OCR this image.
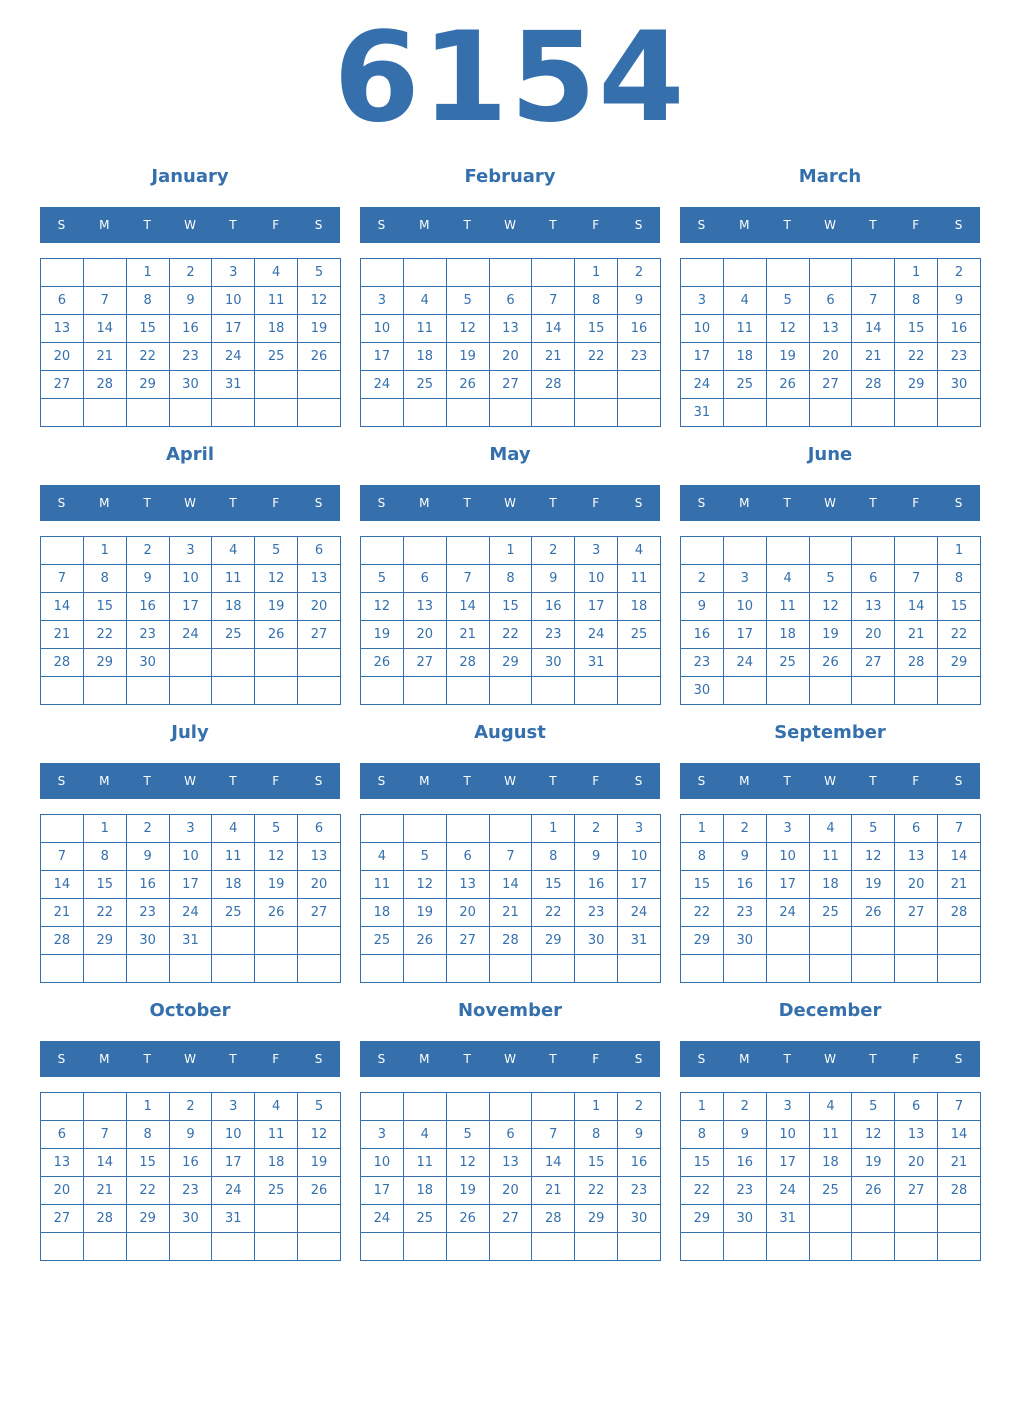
6154
January
S	M	T	W	T	F	S
		1	2	3	4	5
6	7	8	9	10	11	12
13	14	15	16	17	18	19
20	21	22	23	24	25	26
27	28	29	30	31		

February
S	M	T	W	T	F	S
					1	2
3	4	5	6	7	8	9
10	11	12	13	14	15	16
17	18	19	20	21	22	23
24	25	26	27	28		

March
S	M	T	W	T	F	S
					1	2
3	4	5	6	7	8	9
10	11	12	13	14	15	16
17	18	19	20	21	22	23
24	25	26	27	28	29	30
31						
April
S	M	T	W	T	F	S
	1	2	3	4	5	6
7	8	9	10	11	12	13
14	15	16	17	18	19	20
21	22	23	24	25	26	27
28	29	30				

May
S	M	T	W	T	F	S
			1	2	3	4
5	6	7	8	9	10	11
12	13	14	15	16	17	18
19	20	21	22	23	24	25
26	27	28	29	30	31	

June
S	M	T	W	T	F	S
						1
2	3	4	5	6	7	8
9	10	11	12	13	14	15
16	17	18	19	20	21	22
23	24	25	26	27	28	29
30						
July
S	M	T	W	T	F	S
	1	2	3	4	5	6
7	8	9	10	11	12	13
14	15	16	17	18	19	20
21	22	23	24	25	26	27
28	29	30	31			

August
S	M	T	W	T	F	S
				1	2	3
4	5	6	7	8	9	10
11	12	13	14	15	16	17
18	19	20	21	22	23	24
25	26	27	28	29	30	31

September
S	M	T	W	T	F	S
1	2	3	4	5	6	7
8	9	10	11	12	13	14
15	16	17	18	19	20	21
22	23	24	25	26	27	28
29	30					

October
S	M	T	W	T	F	S
		1	2	3	4	5
6	7	8	9	10	11	12
13	14	15	16	17	18	19
20	21	22	23	24	25	26
27	28	29	30	31		

November
S	M	T	W	T	F	S
					1	2
3	4	5	6	7	8	9
10	11	12	13	14	15	16
17	18	19	20	21	22	23
24	25	26	27	28	29	30

December
S	M	T	W	T	F	S
1	2	3	4	5	6	7
8	9	10	11	12	13	14
15	16	17	18	19	20	21
22	23	24	25	26	27	28
29	30	31				
